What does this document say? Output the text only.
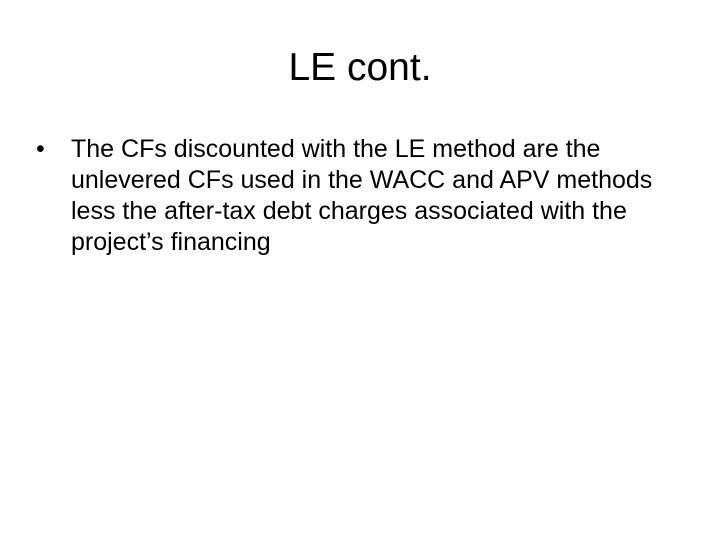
LE cont.
•	The CFs discounted with the LE method are the unlevered CFs used in the WACC and APV methods less the after-tax debt charges associated with the project’s financing
